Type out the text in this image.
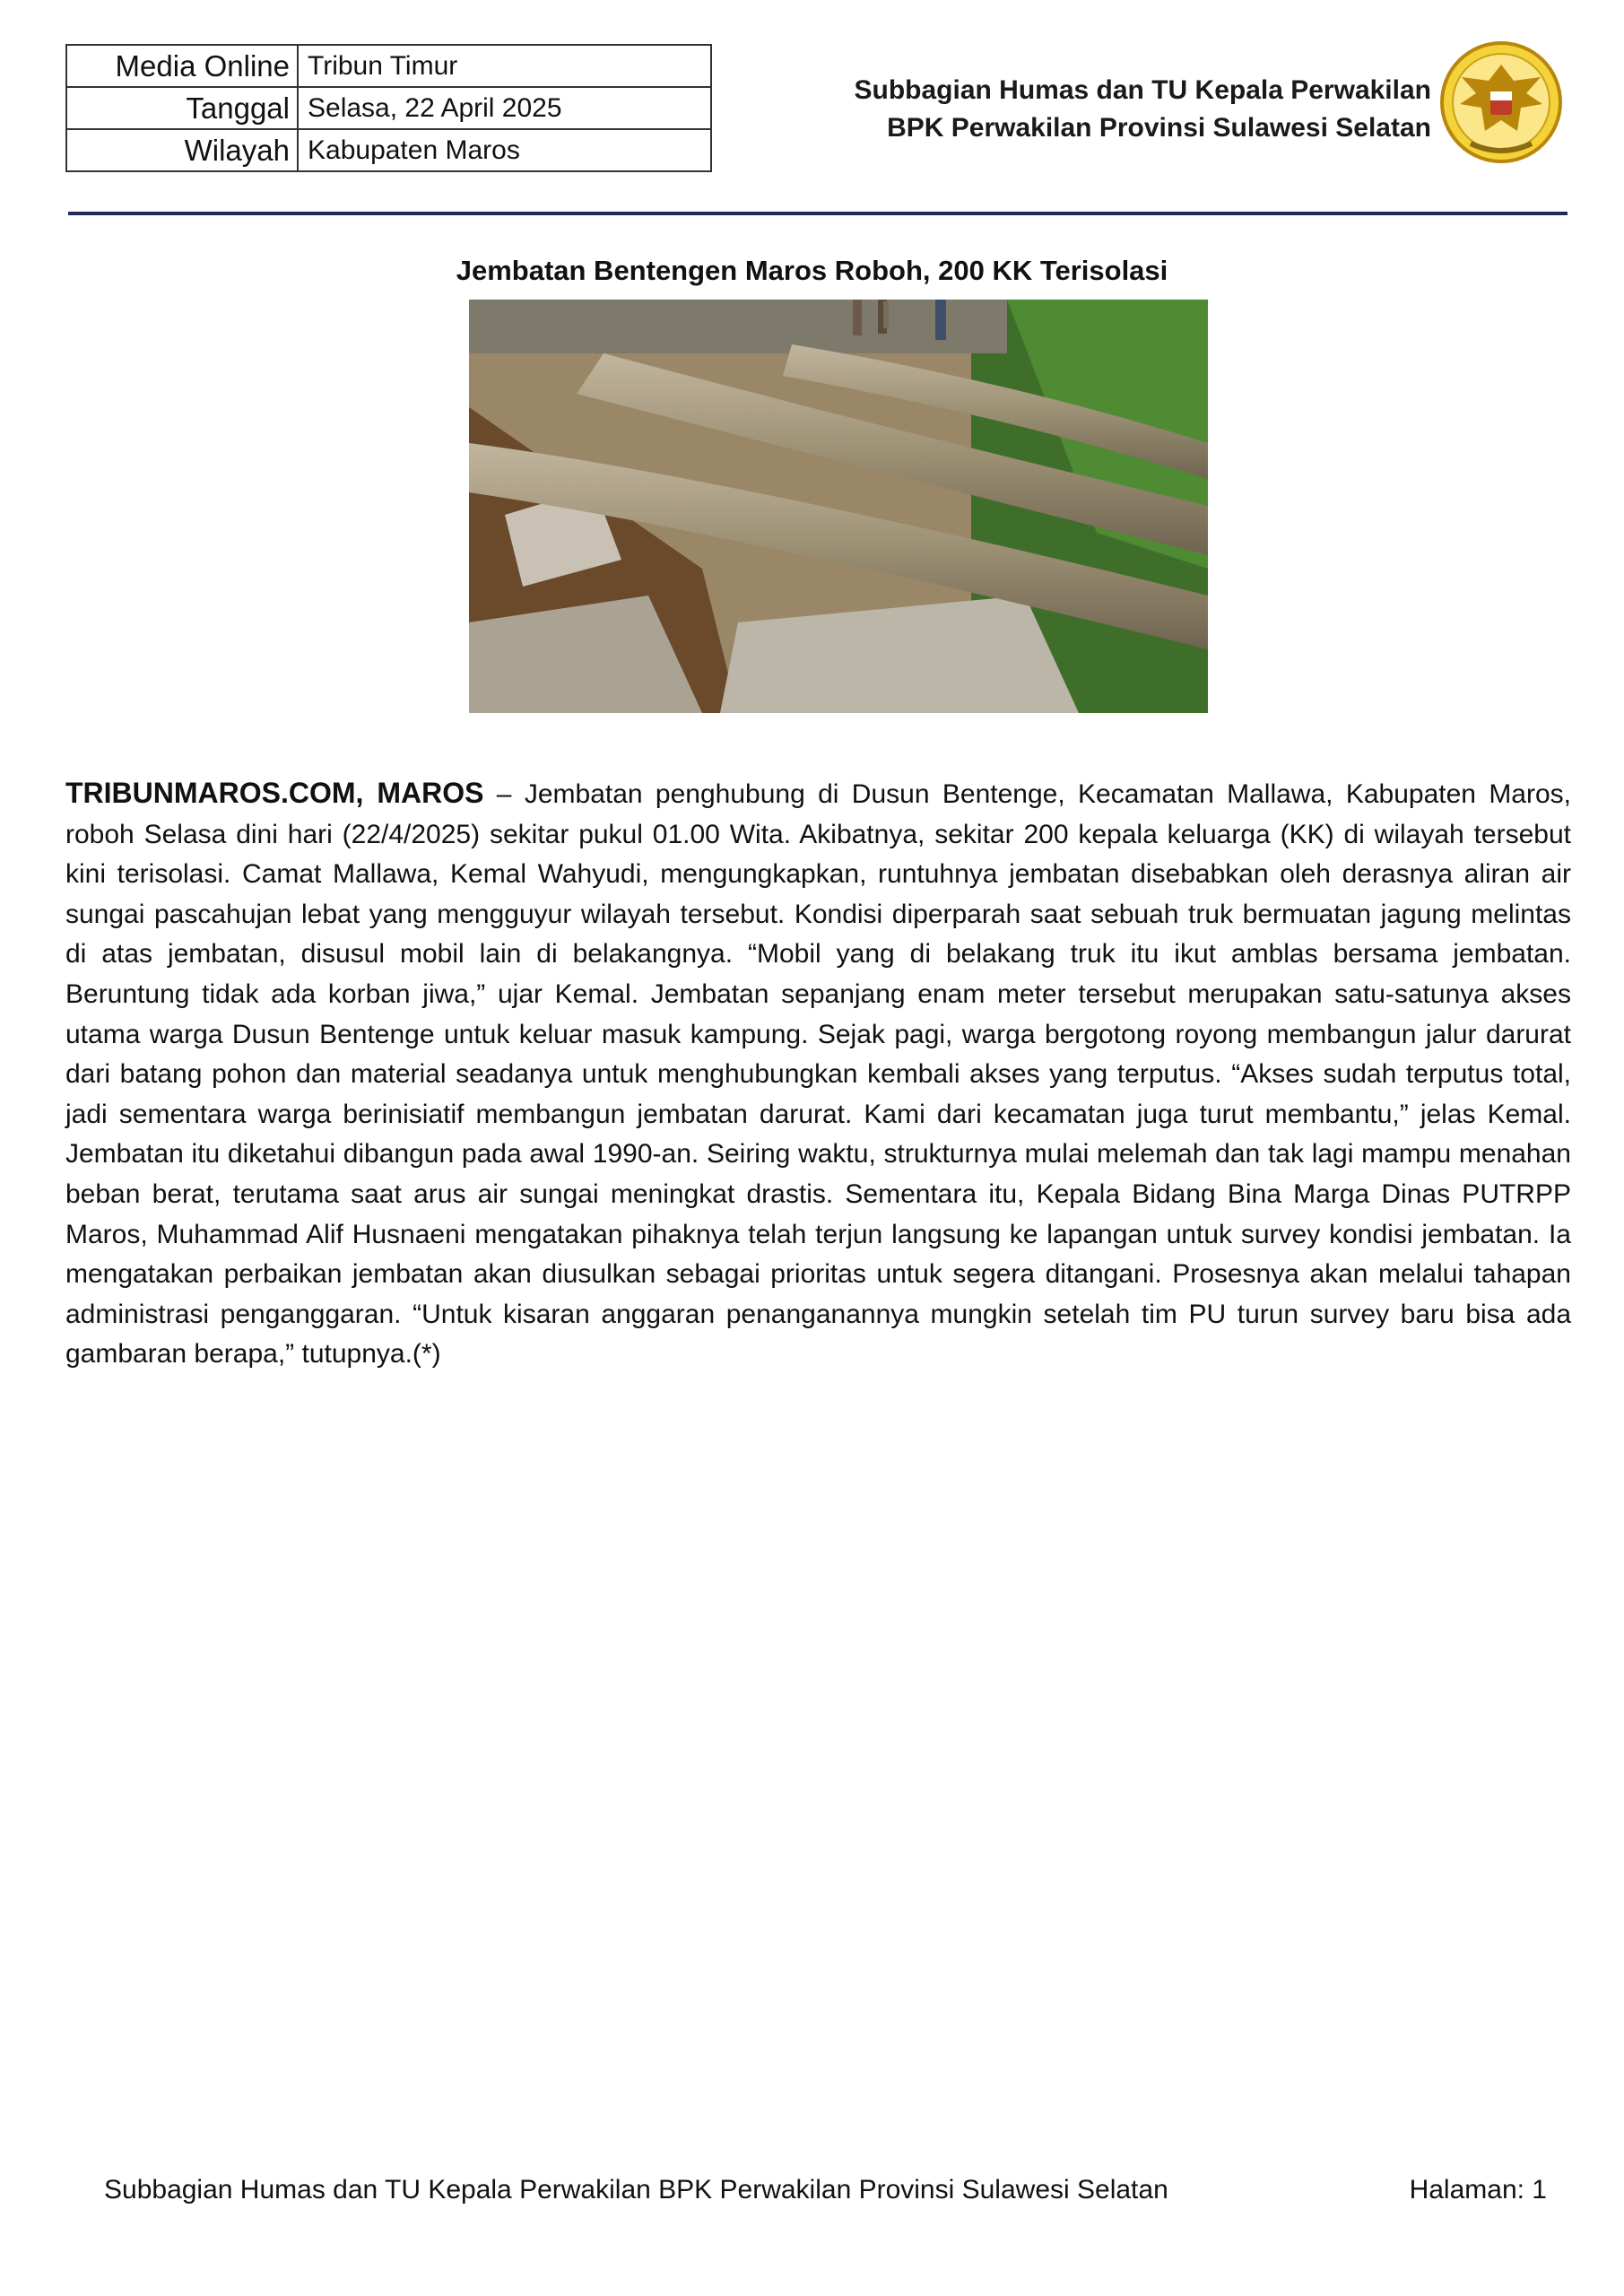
Media Online	Tribun Timur
Tanggal	Selasa, 22 April 2025
Wilayah	Kabupaten Maros
Subbagian Humas dan TU Kepala Perwakilan
BPK Perwakilan Provinsi Sulawesi Selatan
Jembatan Bentengen Maros Roboh, 200 KK Terisolasi
TRIBUNMAROS.COM, MAROS – Jembatan penghubung di Dusun Bentenge, Kecamatan Mallawa, Kabupaten Maros, roboh Selasa dini hari (22/4/2025) sekitar pukul 01.00 Wita. Akibatnya, sekitar 200 kepala keluarga (KK) di wilayah tersebut kini terisolasi. Camat Mallawa, Kemal Wahyudi, mengungkapkan, runtuhnya jembatan disebabkan oleh derasnya aliran air sungai pascahujan lebat yang mengguyur wilayah tersebut. Kondisi diperparah saat sebuah truk bermuatan jagung melintas di atas jembatan, disusul mobil lain di belakangnya. “Mobil yang di belakang truk itu ikut amblas bersama jembatan. Beruntung tidak ada korban jiwa,” ujar Kemal. Jembatan sepanjang enam meter tersebut merupakan satu-satunya akses utama warga Dusun Bentenge untuk keluar masuk kampung. Sejak pagi, warga bergotong royong membangun jalur darurat dari batang pohon dan material seadanya untuk menghubungkan kembali akses yang terputus. “Akses sudah terputus total, jadi sementara warga berinisiatif membangun jembatan darurat. Kami dari kecamatan juga turut membantu,” jelas Kemal. Jembatan itu diketahui dibangun pada awal 1990-an. Seiring waktu, strukturnya mulai melemah dan tak lagi mampu menahan beban berat, terutama saat arus air sungai meningkat drastis. Sementara itu, Kepala Bidang Bina Marga Dinas PUTRPP Maros, Muhammad Alif Husnaeni mengatakan pihaknya telah terjun langsung ke lapangan untuk survey kondisi jembatan. Ia mengatakan perbaikan jembatan akan diusulkan sebagai prioritas untuk segera ditangani. Prosesnya akan melalui tahapan administrasi penganggaran. “Untuk kisaran anggaran penanganannya mungkin setelah tim PU turun survey baru bisa ada gambaran berapa,” tutupnya.(*)
Subbagian Humas dan TU Kepala Perwakilan BPK Perwakilan Provinsi Sulawesi Selatan	Halaman: 1
